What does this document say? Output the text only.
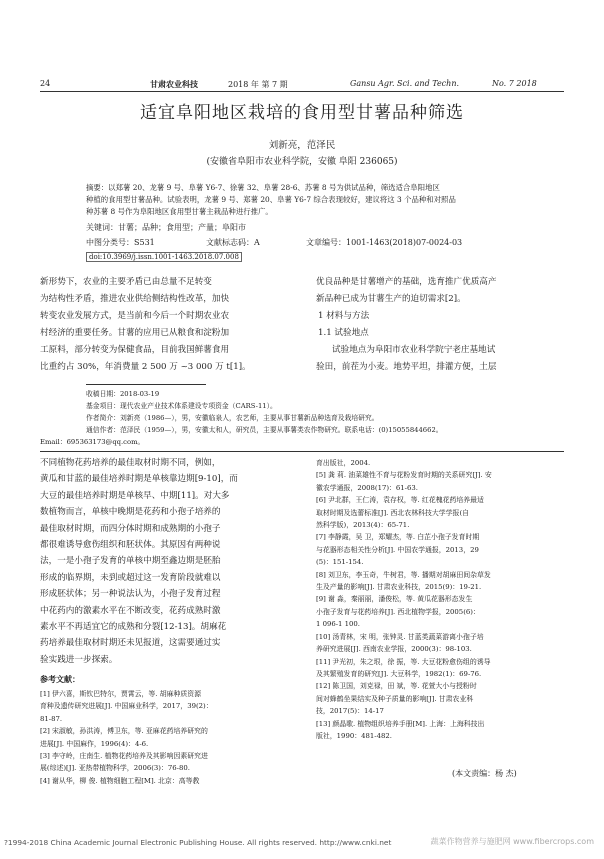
24	甘肃农业科技	2018 年 第 7 期	Gansu Agr. Sci. and Techn.	No. 7 2018
适宜阜阳地区栽培的食用型甘薯品种筛选
刘新亮，范泽民
(安徽省阜阳市农业科学院，安徽 阜阳 236065)
摘要：以郑薯 20、龙薯 9 号、阜薯 Y6-7、徐薯 32、阜薯 28-6、苏薯 8 号为供试品种，筛选适合阜阳地区
种植的食用型甘薯品种。试验表明，龙薯 9 号、郑薯 20、阜薯 Y6-7 综合表现较好，建议将这 3 个品种和对照品
种苏薯 8 号作为阜阳地区食用型甘薯主栽品种进行推广。
关键词：甘薯；品种；食用型；产量；阜阳市
中图分类号：S531	文献标志码：A	文章编号：1001-1463(2018)07-0024-03
doi:10.3969/j.issn.1001-1463.2018.07.008
新形势下，农业的主要矛盾已由总量不足转变
为结构性矛盾，推进农业供给侧结构性改革，加快
转变农业发展方式，是当前和今后一个时期农业农
村经济的重要任务。甘薯的应用已从粮食和淀粉加
工原料，部分转变为保健食品，目前我国鲜薯食用
比重约占 30%，年消费量 2 500 万 ~3 000 万 t[1]。
优良品种是甘薯增产的基础，选育推广优质高产
新品种已成为甘薯生产的迫切需求[2]。
1 材料与方法
1.1 试验地点
试验地点为阜阳市农业科学院宁老庄基地试
验田，前茬为小麦。地势平坦，排灌方便，土层
收稿日期：2018-03-19
基金项目：现代农业产业技术体系建设专项资金（CARS-11）。
作者简介：刘新亮（1986—），男，安徽临泉人，农艺师，主要从事甘薯新品种选育及栽培研究。
通信作者：范泽民（1959—），男，安徽太和人，研究员，主要从事薯类农作物研究。联系电话：(0)15055844662。
Email：695363173@qq.com。
不同植物花药培养的最佳取材时期不同，例如，
黄瓜和甘蓝的最佳培养时期是单核靠边期[9-10]，而
大豆的最佳培养时期是单核早、中期[11]。对大多
数植物而言，单核中晚期是花药和小孢子培养的
最佳取材时期，而四分体时期和成熟期的小孢子
都很难诱导愈伤组织和胚状体。其原因有两种说
法，一是小孢子发育的单核中期至鑫边期是胚胎
形成的临界期，未到或超过这一发育阶段就难以
形成胚状体；另一种说法认为，小孢子发育过程
中花药内的激素水平在不断改变，花药成熟时激
素水平不再适宜它的成熟和分裂[12-13]。胡麻花
药培养最佳取材时期还未见报道，这需要通过实
验实践进一步探索。
参考文献：

[1] 伊六喜，斯钦巴特尔，贾霄云，等. 胡麻种质资源

育种及遗传研究进展[J]. 中国麻业科学，2017，39(2)：

81-87.

[2] 宋淑敏，孙洪涛，傅卫东，等. 亚麻花药培养研究的

进展[J]. 中国麻作，1996(4)：4-6.

[3] 李守岭，庄南生. 植物花药培养及其影响因素研究进

展(综述)[J]. 亚热带植物科学，2006(3)：76-80.

[4] 谢从华，柳 俊. 植物细胞工程[M]. 北京：高等教

育出版社，2004.

[5] 龚 莉. 油菜雄性不育与花粉发育时期的关系研究[J]. 安

徽农学通报，2008(17)：61-63.

[6] 尹北群，王仁涛，袁存权，等. 红花槐花药培养最适

取材时期及选蕾标准[J]. 西北农林科技大学学报(自

然科学版)，2013(4)：65-71.

[7] 李静霞，吴 卫，郑耀杰，等. 白芷小孢子发育时期

与花器形态相关性分析[J]. 中国农学通报，2013，29

(5)：151-154.

[8] 刘卫东，李玉奇，牛树君，等. 播期对胡麻田间杂草发

生及产量的影响[J]. 甘肃农业科技，2015(9)：19-21.

[9] 谢 淼，秦丽丽，潘俊松，等. 黄瓜花器形态发生

小孢子发育与花药培养[J]. 西北植物学报，2005(6)：

1 096-1 100.

[10] 汤青林，宋 明，张钟灵. 甘蓝类蔬菜游离小孢子培

养研究进展[J]. 西南农业学报，2000(3)：98-103.

[11] 尹光初，朱之垠，徐 振，等. 大豆花粉愈伤组的诱导

及其繁殖发育的研究[J]. 大豆科学，1982(1)：69-76.

[12] 陈卫国，刘克禄，田 斌，等. 花萱大小与授粉时

间对蜂鹤坐果结实及种子质量的影响[J]. 甘肃农业科

技，2017(5)：14-17

[13] 颜晶歌. 植物组织培养手册[M]. 上海：上海科技出

版社，1990：481-482.

(本文责编：杨 杰)
?1994-2018 China Academic Journal Electronic Publishing House. All rights reserved. http://www.cnki.net	蔬菜作物营养与施肥网 www.fibercrops.com
